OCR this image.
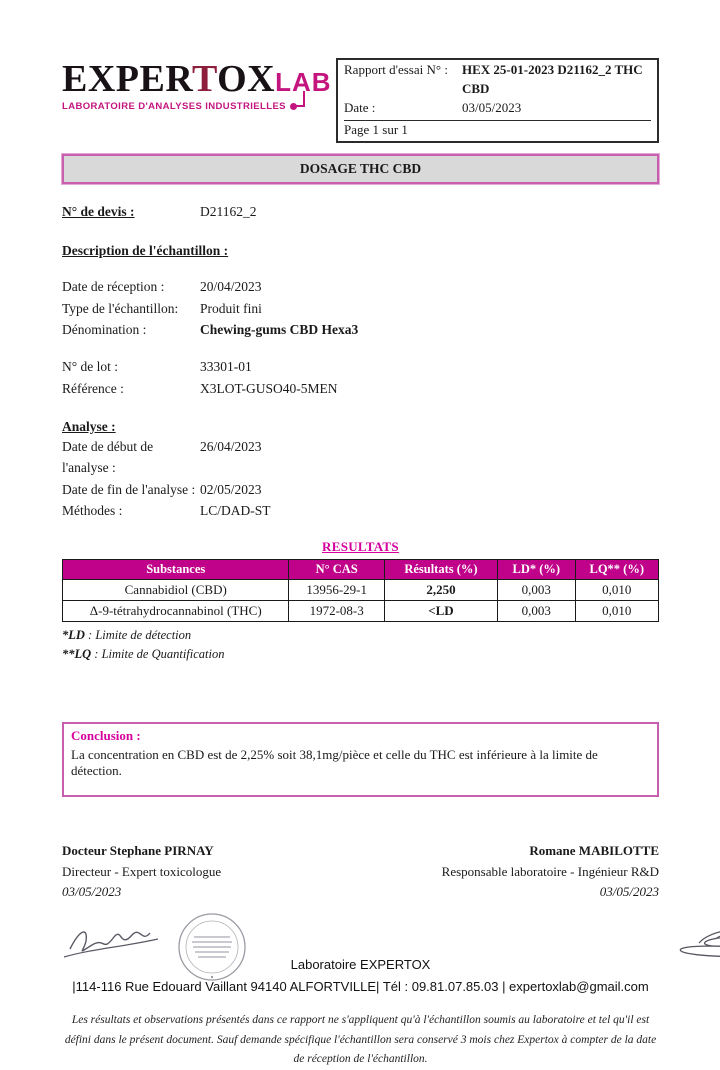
EXPERTOXLAB
LABORATOIRE D'ANALYSES INDUSTRIELLES
Rapport d'essai N° :	HEX 25-01-2023 D21162_2 THC CBD
Date :	03/05/2023
Page 1 sur 1
DOSAGE THC CBD
N° de devis :	D21162_2
Description de l'échantillon :
Date de réception :	20/04/2023
Type de l'échantillon:	Produit fini
Dénomination :	Chewing-gums CBD Hexa3
N° de lot :	33301-01
Référence :	X3LOT-GUSO40-5MEN
Analyse :
Date de début de l'analyse :
26/04/2023
Date de fin de l'analyse : 02/05/2023
Méthodes :	LC/DAD-ST
RESULTATS
Substances	N° CAS	Résultats (%)	LD* (%)	LQ** (%)
Cannabidiol (CBD)	13956-29-1	2,250	0,003	0,010
Δ-9-tétrahydrocannabinol (THC)	1972-08-3	<LD	0,003	0,010
*LD : Limite de détection
**LQ : Limite de Quantification
Conclusion :
La concentration en CBD est de 2,25% soit 38,1mg/pièce et celle du THC est inférieure à la limite de détection.
Docteur Stephane PIRNAY
Directeur - Expert toxicologue
03/05/2023
Romane MABILOTTE
Responsable laboratoire - Ingénieur R&D
03/05/2023
Les résultats et observations présentés dans ce rapport ne s'appliquent qu'à l'échantillon soumis au laboratoire et tel qu'il est défini dans le présent document. Sauf demande spécifique l'échantillon sera conservé 3 mois chez Expertox à compter de la date de réception de l'échantillon.
Laboratoire EXPERTOX
|114-116 Rue Edouard Vaillant 94140 ALFORTVILLE| Tél : 09.81.07.85.03 | expertoxlab@gmail.com
